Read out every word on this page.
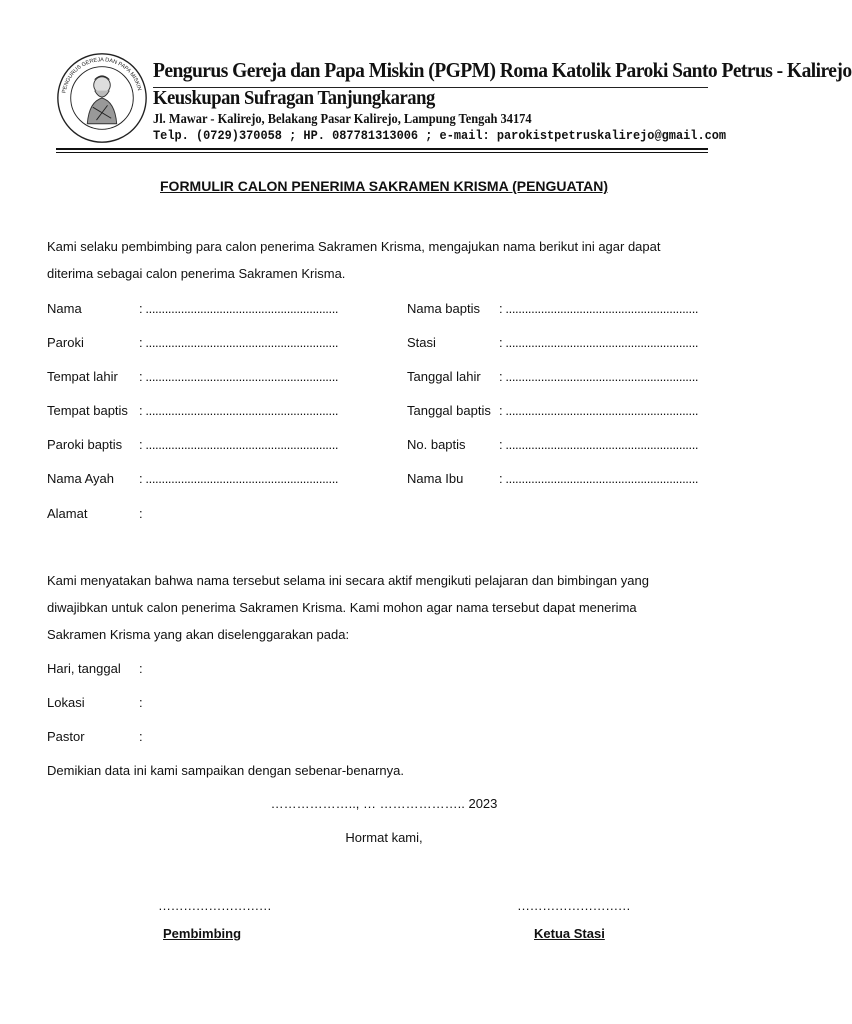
PENGURUS GEREJA DAN PAPA MISKIN
Pengurus Gereja dan Papa Miskin (PGPM) Roma Katolik Paroki Santo Petrus - Kalirejo
Keuskupan Sufragan Tanjungkarang
Jl. Mawar - Kalirejo, Belakang Pasar Kalirejo, Lampung Tengah 34174
Telp. (0729)370058 ; HP. 087781313006 ; e-mail: parokistpetruskalirejo@gmail.com
FORMULIR CALON PENERIMA SAKRAMEN KRISMA (PENGUATAN)
Kami selaku pembimbing para calon penerima Sakramen Krisma, mengajukan nama berikut ini agar dapat
diterima sebagai calon penerima Sakramen Krisma.
Nama	: ............................................................
Paroki	: ............................................................
Tempat lahir : ............................................................
Tempat baptis : ............................................................
Paroki baptis : ............................................................
Nama Ayah : ............................................................
Nama baptis : ............................................................
Stasi	: ............................................................
Tanggal lahir : ............................................................
Tanggal baptis : ............................................................
No. baptis	: ............................................................
Nama Ibu	: ............................................................
Alamat	:
Kami menyatakan bahwa nama tersebut selama ini secara aktif mengikuti pelajaran dan bimbingan yang
diwajibkan untuk calon penerima Sakramen Krisma. Kami mohon agar nama tersebut dapat menerima
Sakramen Krisma yang akan diselenggarakan pada:
Hari, tanggal :
Lokasi	:
Pastor	:
Demikian data ini kami sampaikan dengan sebenar-benarnya.
……………….., … ……………….. 2023
Hormat kami,
………………………
Pembimbing
………………………
Ketua Stasi
